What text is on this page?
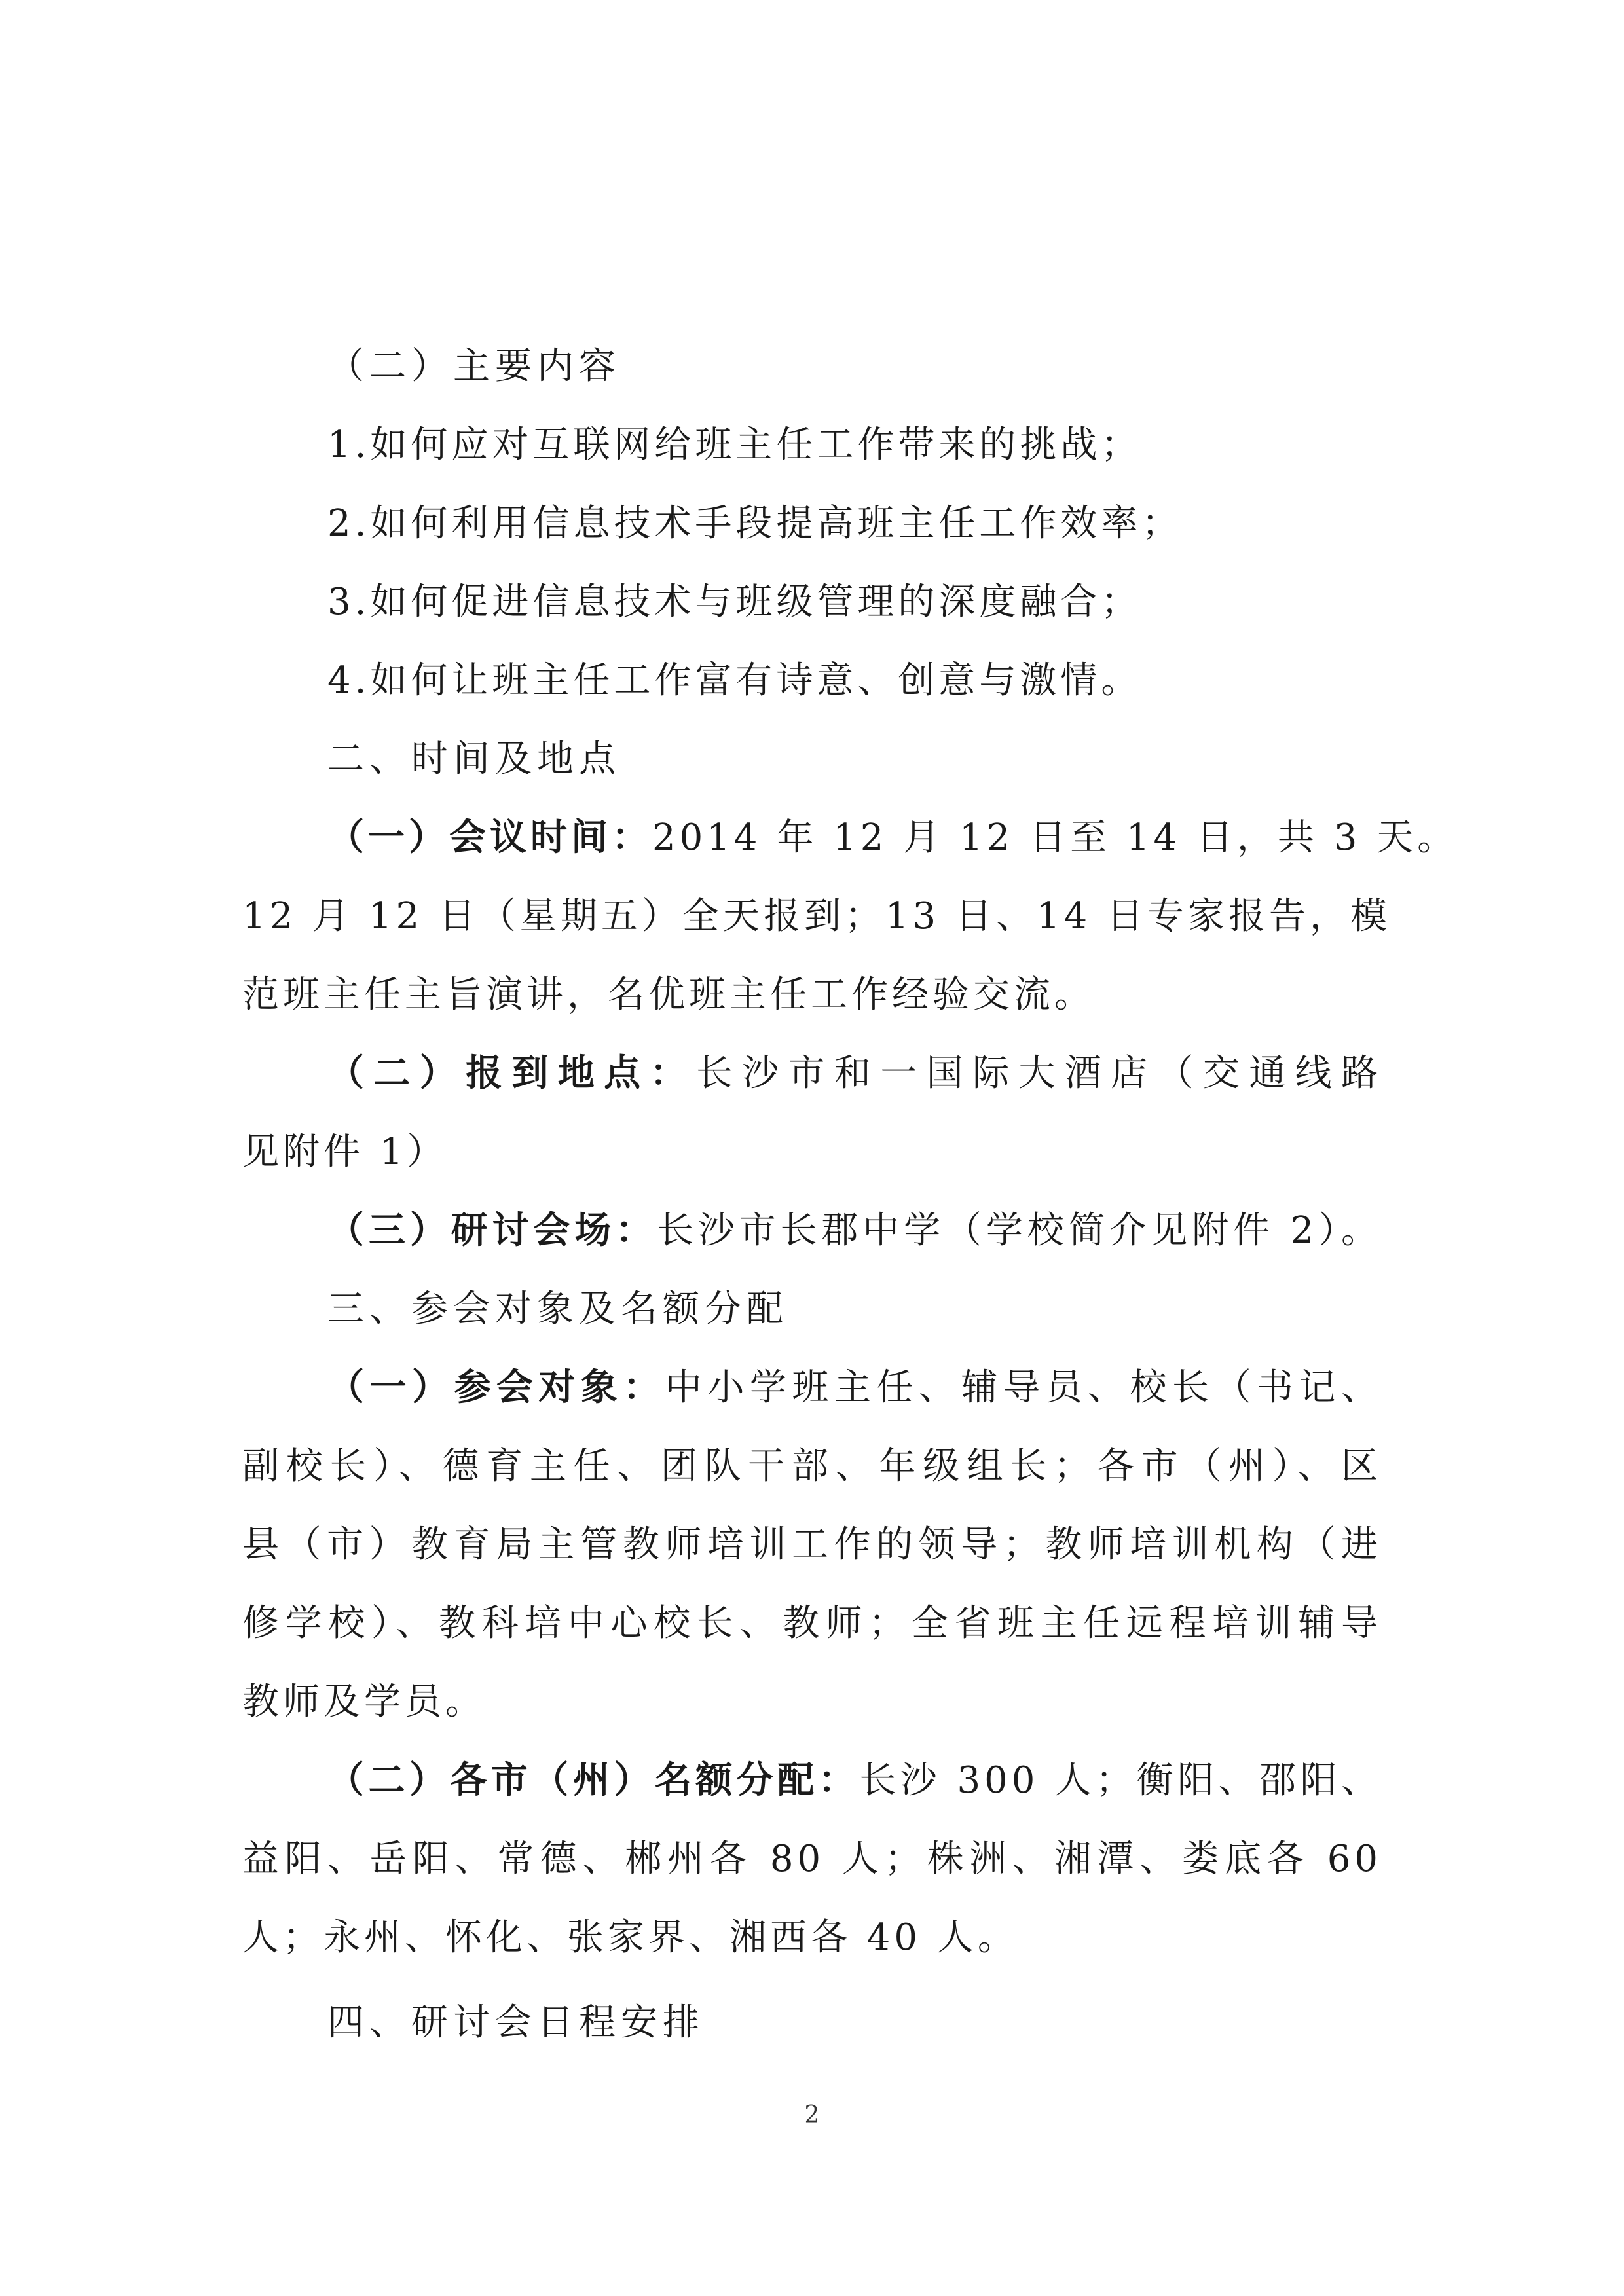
（二）主要内容
1.如何应对互联网给班主任工作带来的挑战；
2.如何利用信息技术手段提高班主任工作效率；
3.如何促进信息技术与班级管理的深度融合；
4.如何让班主任工作富有诗意、创意与激情。
二、时间及地点
（一）会议时间：2014 年 12 月 12 日至 14 日，共 3 天。
12 月 12 日（星期五）全天报到；13 日、14 日专家报告，模
范班主任主旨演讲，名优班主任工作经验交流。
（二）报到地点：长沙市和一国际大酒店（交通线路
见附件 1）
（三）研讨会场：长沙市长郡中学（学校简介见附件 2）。
三、参会对象及名额分配
（一）参会对象：中小学班主任、辅导员、校长（书记、
副校长）、德育主任、团队干部、年级组长；各市（州）、区
县（市）教育局主管教师培训工作的领导；教师培训机构（进
修学校）、教科培中心校长、教师；全省班主任远程培训辅导
教师及学员。
（二）各市（州）名额分配：长沙 300 人；衡阳、邵阳、
益阳、岳阳、常德、郴州各 80 人；株洲、湘潭、娄底各 60
人；永州、怀化、张家界、湘西各 40 人。
四、研讨会日程安排
2
